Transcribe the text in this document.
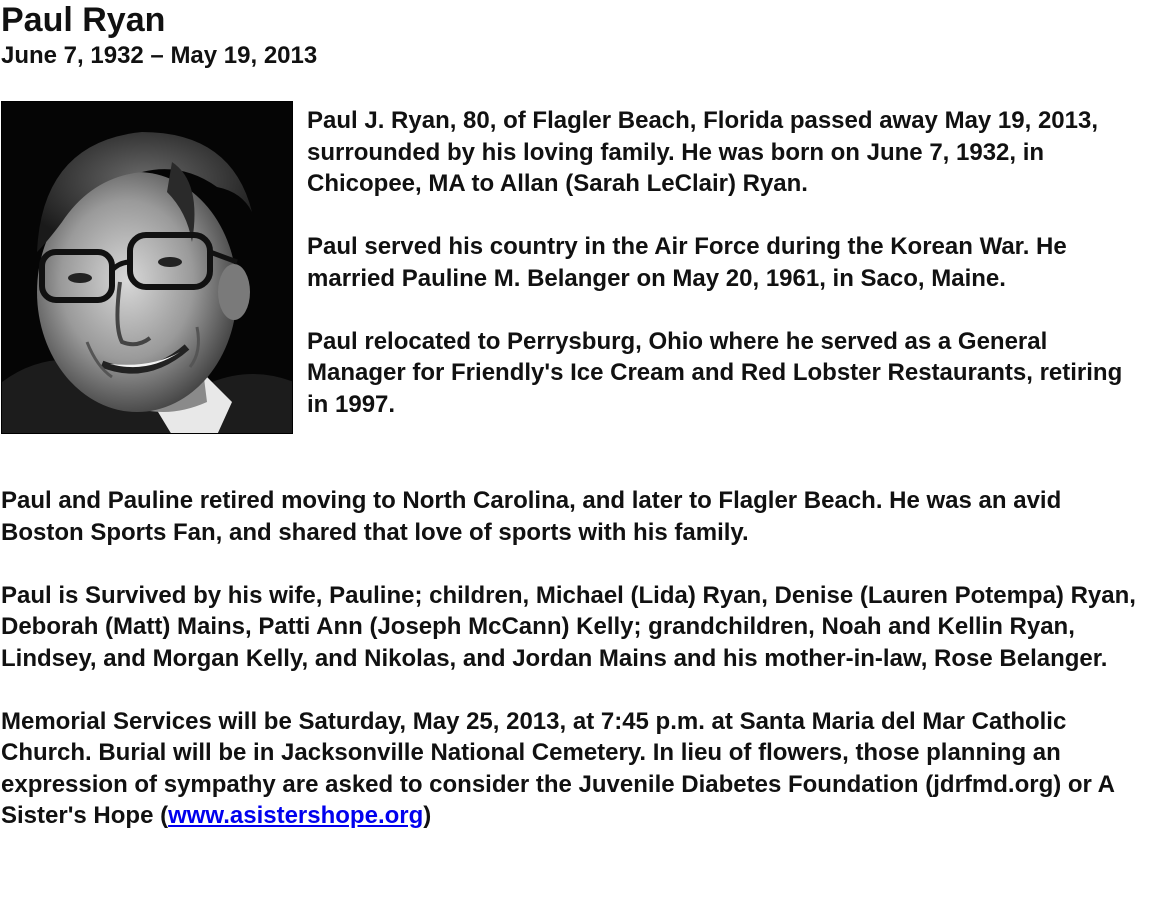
Paul Ryan
June 7, 1932 – May 19, 2013

Paul J. Ryan, 80, of Flagler Beach, Florida passed away May 19, 2013, surrounded by his loving family. He was born on June 7, 1932, in Chicopee, MA to Allan (Sarah LeClair) Ryan.

Paul served his country in the Air Force during the Korean War. He married Pauline M. Belanger on May 20, 1961, in Saco, Maine.

Paul relocated to Perrysburg, Ohio where he served as a General Manager for Friendly's Ice Cream and Red Lobster Restaurants, retiring in 1997.

Paul and Pauline retired moving to North Carolina, and later to Flagler Beach. He was an avid Boston Sports Fan, and shared that love of sports with his family.

Paul is Survived by his wife, Pauline; children, Michael (Lida) Ryan, Denise (Lauren Potempa) Ryan, Deborah (Matt) Mains, Patti Ann (Joseph McCann) Kelly; grandchildren, Noah and Kellin Ryan, Lindsey, and Morgan Kelly, and Nikolas, and Jordan Mains and his mother-in-law, Rose Belanger.

Memorial Services will be Saturday, May 25, 2013, at 7:45 p.m. at Santa Maria del Mar Catholic Church. Burial will be in Jacksonville National Cemetery. In lieu of flowers, those planning an expression of sympathy are asked to consider the Juvenile Diabetes Foundation (jdrfmd.org) or A Sister's Hope (www.asistershope.org)
